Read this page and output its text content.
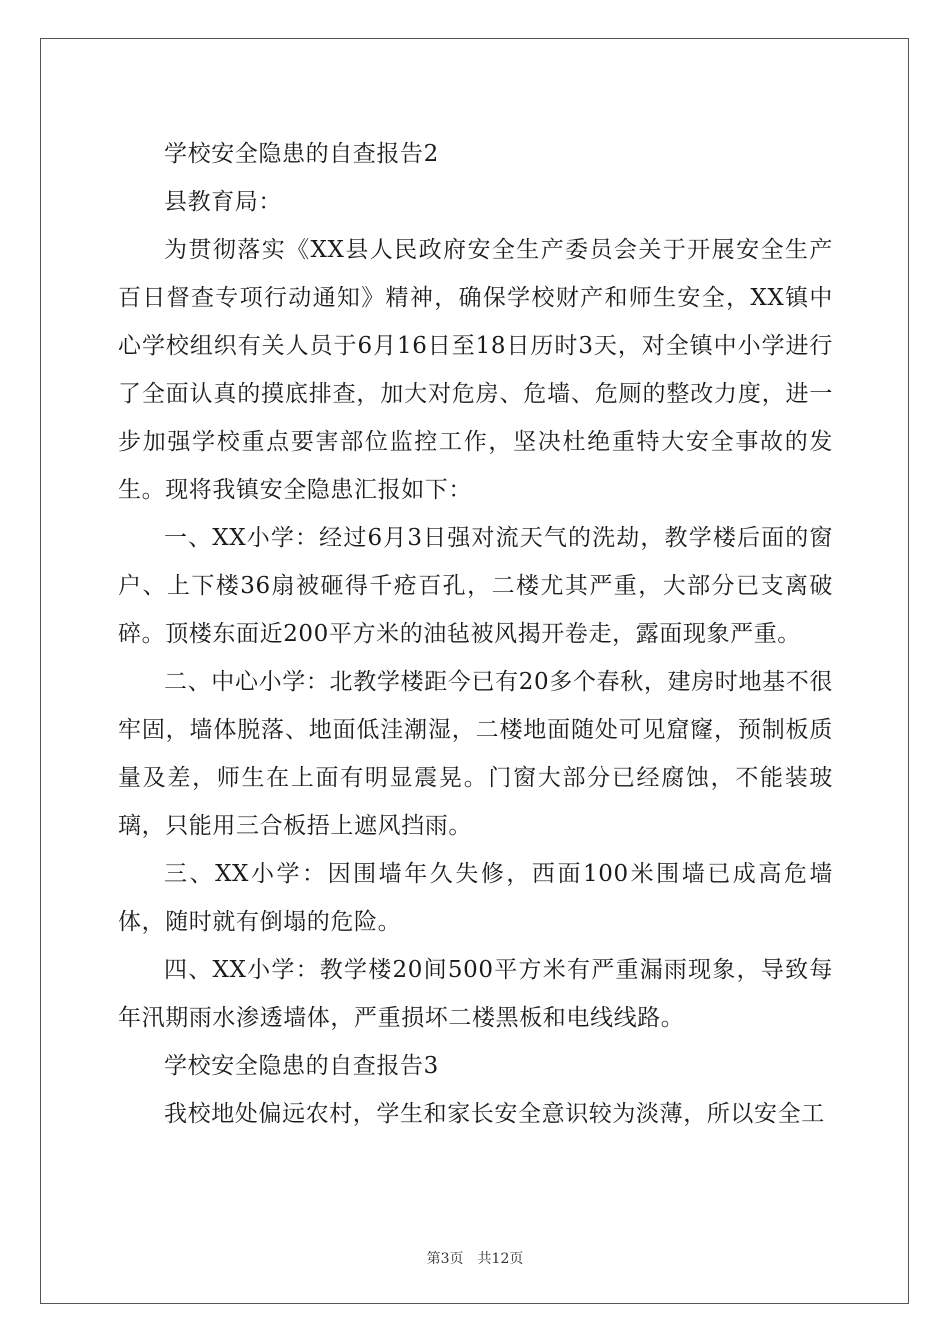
学校安全隐患的自查报告2
县教育局：

为贯彻落实《XX县人民政府安全生产委员会关于开展安全生产百日督查专项行动通知》精神，确保学校财产和师生安全，XX镇中心学校组织有关人员于6月16日至18日历时3天，对全镇中小学进行了全面认真的摸底排查，加大对危房、危墙、危厕的整改力度，进一步加强学校重点要害部位监控工作，坚决杜绝重特大安全事故的发生。现将我镇安全隐患汇报如下：

一、XX小学：经过6月3日强对流天气的洗劫，教学楼后面的窗户、上下楼36扇被砸得千疮百孔，二楼尤其严重，大部分已支离破碎。顶楼东面近200平方米的油毡被风揭开卷走，露面现象严重。

二、中心小学：北教学楼距今已有20多个春秋，建房时地基不很牢固，墙体脱落、地面低洼潮湿，二楼地面随处可见窟窿，预制板质量及差，师生在上面有明显震晃。门窗大部分已经腐蚀，不能装玻璃，只能用三合板捂上遮风挡雨。

三、XX小学：因围墙年久失修，西面100米围墙已成高危墙体，随时就有倒塌的危险。

四、XX小学：教学楼20间500平方米有严重漏雨现象，导致每年汛期雨水渗透墙体，严重损坏二楼黑板和电线线路。

学校安全隐患的自查报告3
我校地处偏远农村，学生和家长安全意识较为淡薄，所以安全工
第3页 共12页
